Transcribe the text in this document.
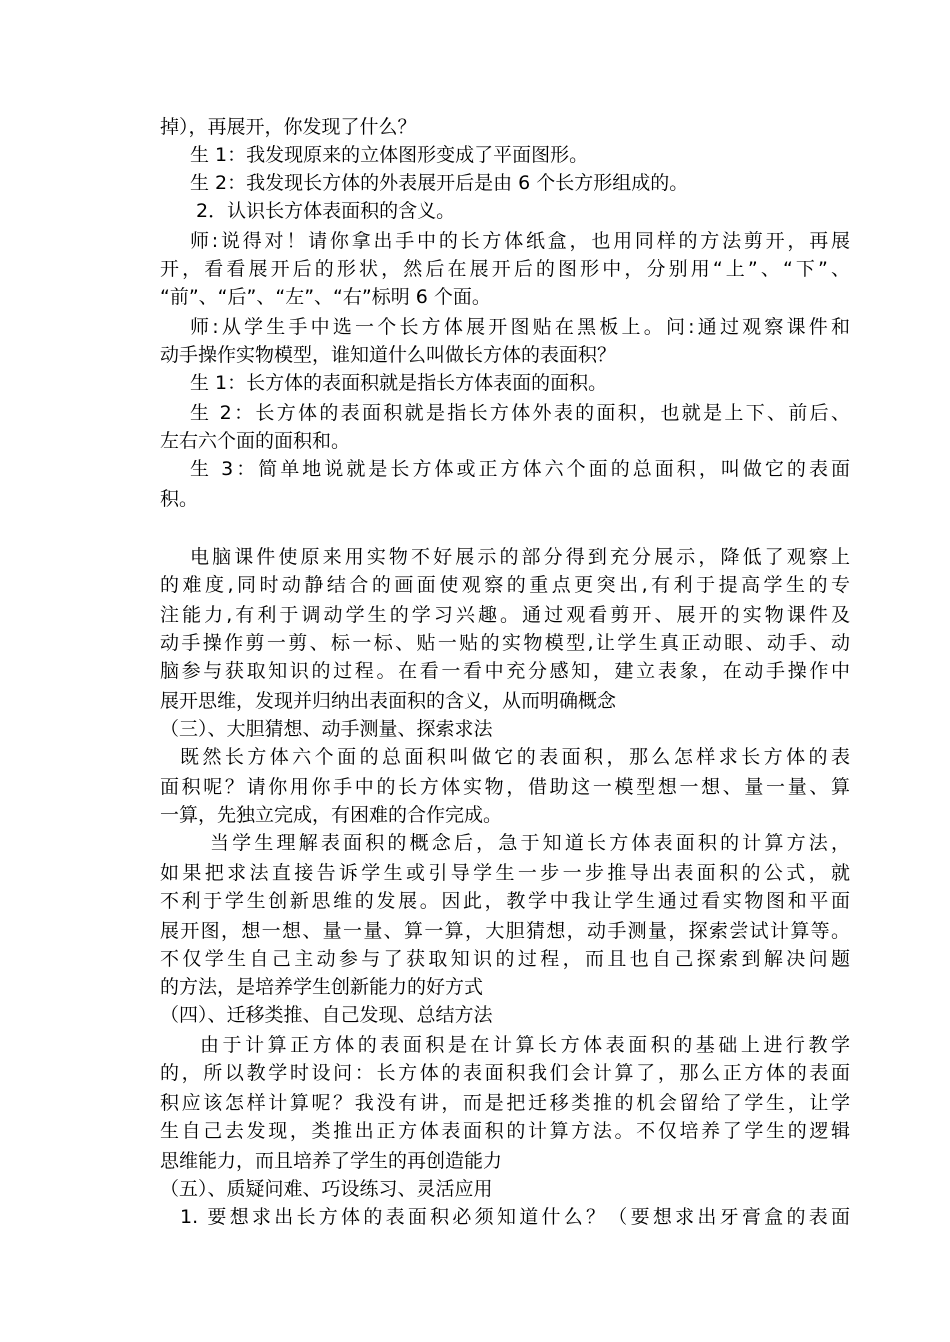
掉），再展开，你发现了什么？
生 1：我发现原来的立体图形变成了平面图形。
生 2：我发现长方体的外表展开后是由 6 个长方形组成的。
2．认识长方体表面积的含义。
师:说得对！请你拿出手中的长方体纸盒，也用同样的方法剪开，再展
开，看看展开后的形状，然后在展开后的图形中，分别用“上”、“下”、
“前”、“后”、“左”、“右”标明 6 个面。
师:从学生手中选一个长方体展开图贴在黑板上。问:通过观察课件和
动手操作实物模型，谁知道什么叫做长方体的表面积？
生 1：长方体的表面积就是指长方体表面的面积。
生 2：长方体的表面积就是指长方体外表的面积，也就是上下、前后、
左右六个面的面积和。
生 3：简单地说就是长方体或正方体六个面的总面积，叫做它的表面
积。
电脑课件使原来用实物不好展示的部分得到充分展示，降低了观察上
的难度,同时动静结合的画面使观察的重点更突出,有利于提高学生的专
注能力,有利于调动学生的学习兴趣。通过观看剪开、展开的实物课件及
动手操作剪一剪、标一标、贴一贴的实物模型,让学生真正动眼、动手、动
脑参与获取知识的过程。在看一看中充分感知，建立表象，在动手操作中
展开思维，发现并归纳出表面积的含义，从而明确概念
（三）、大胆猜想、动手测量、探索求法
既然长方体六个面的总面积叫做它的表面积，那么怎样求长方体的表
面积呢？请你用你手中的长方体实物，借助这一模型想一想、量一量、算
一算，先独立完成，有困难的合作完成。
当学生理解表面积的概念后，急于知道长方体表面积的计算方法，
如果把求法直接告诉学生或引导学生一步一步推导出表面积的公式，就
不利于学生创新思维的发展。因此，教学中我让学生通过看实物图和平面
展开图，想一想、量一量、算一算，大胆猜想，动手测量，探索尝试计算等。
不仅学生自己主动参与了获取知识的过程，而且也自己探索到解决问题
的方法，是培养学生创新能力的好方式
（四）、迁移类推、自己发现、总结方法
由于计算正方体的表面积是在计算长方体表面积的基础上进行教学
的，所以教学时设问：长方体的表面积我们会计算了，那么正方体的表面
积应该怎样计算呢？我没有讲，而是把迁移类推的机会留给了学生，让学
生自己去发现，类推出正方体表面积的计算方法。不仅培养了学生的逻辑
思维能力，而且培养了学生的再创造能力
（五）、质疑问难、巧设练习、灵活应用
1. 要想求出长方体的表面积必须知道什么？（要想求出牙膏盒的表面
